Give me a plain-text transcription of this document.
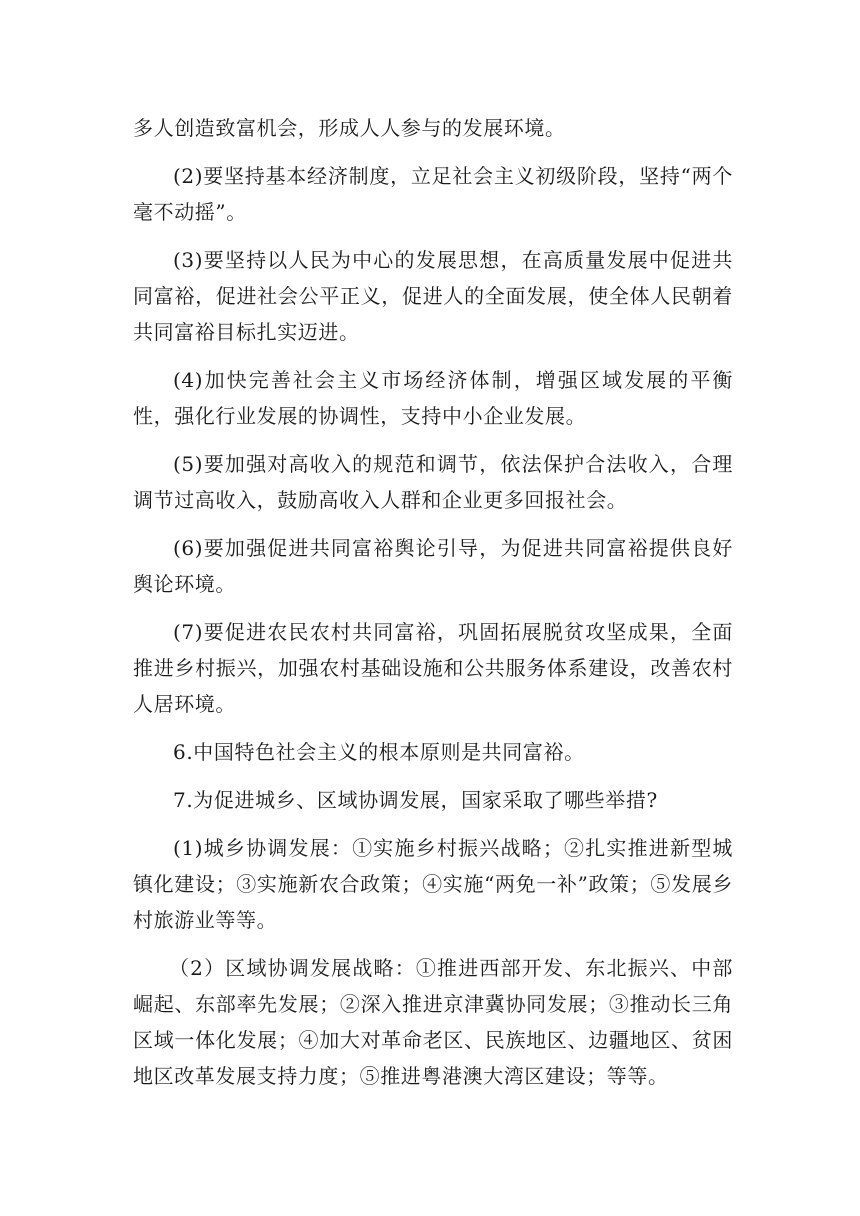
多人创造致富机会，形成人人参与的发展环境。

(2)要坚持基本经济制度，立足社会主义初级阶段，坚持“两个毫不动摇”。

(3)要坚持以人民为中心的发展思想，在高质量发展中促进共同富裕，促进社会公平正义，促进人的全面发展，使全体人民朝着共同富裕目标扎实迈进。

(4)加快完善社会主义市场经济体制，增强区域发展的平衡性，强化行业发展的协调性，支持中小企业发展。

(5)要加强对高收入的规范和调节，依法保护合法收入，合理调节过高收入，鼓励高收入人群和企业更多回报社会。

(6)要加强促进共同富裕舆论引导，为促进共同富裕提供良好舆论环境。

(7)要促进农民农村共同富裕，巩固拓展脱贫攻坚成果，全面推进乡村振兴，加强农村基础设施和公共服务体系建设，改善农村人居环境。

6.中国特色社会主义的根本原则是共同富裕。

7.为促进城乡、区域协调发展，国家采取了哪些举措?

(1)城乡协调发展：①实施乡村振兴战略；②扎实推进新型城镇化建设；③实施新农合政策；④实施“两免一补”政策；⑤发展乡村旅游业等等。

（2）区域协调发展战略：①推进西部开发、东北振兴、中部崛起、东部率先发展；②深入推进京津冀协同发展；③推动长三角区域一体化发展；④加大对革命老区、民族地区、边疆地区、贫困地区改革发展支持力度；⑤推进粤港澳大湾区建设；等等。
